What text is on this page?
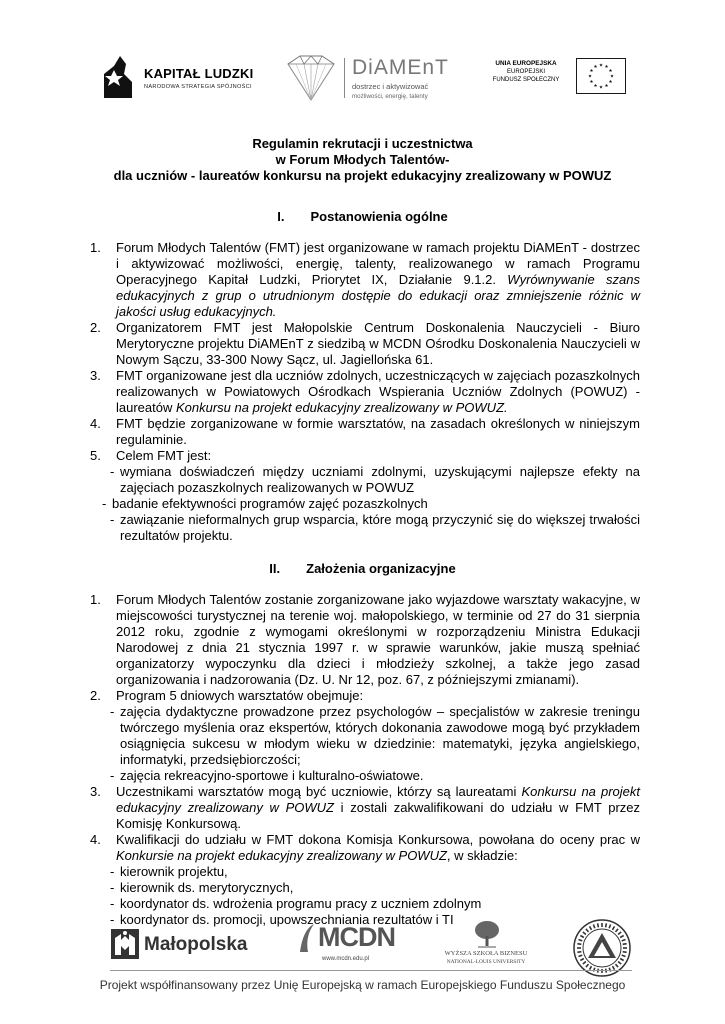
KAPITAŁ LUDZKI
NARODOWA STRATEGIA SPÓJNOŚCI
DiAMEnT
dostrzec i aktywizować
możliwości, energię, talenty
UNIA EUROPEJSKA
EUROPEJSKI
FUNDUSZ SPOŁECZNY
Regulamin rekrutacji i uczestnictwa
w Forum Młodych Talentów-
dla uczniów - laureatów konkursu na projekt edukacyjny zrealizowany w POWUZ
I. Postanowienia ogólne
1.	Forum Młodych Talentów (FMT) jest organizowane w ramach projektu DiAMEnT - dostrzec i aktywizować możliwości, energię, talenty, realizowanego w ramach Programu Operacyjnego Kapitał Ludzki, Priorytet IX, Działanie 9.1.2. Wyrównywanie szans edukacyjnych z grup o utrudnionym dostępie do edukacji oraz zmniejszenie różnic w jakości usług edukacyjnych.
2.	Organizatorem FMT jest Małopolskie Centrum Doskonalenia Nauczycieli - Biuro Merytoryczne projektu DiAMEnT z siedzibą w MCDN Ośrodku Doskonalenia Nauczycieli w Nowym Sączu, 33-300 Nowy Sącz, ul. Jagiellońska 61.
3.	FMT organizowane jest dla uczniów zdolnych, uczestniczących w zajęciach pozaszkolnych realizowanych w Powiatowych Ośrodkach Wspierania Uczniów Zdolnych (POWUZ) - laureatów Konkursu na projekt edukacyjny zrealizowany w POWUZ.
4.	FMT będzie zorganizowane w formie warsztatów, na zasadach określonych w niniejszym regulaminie.
5.	Celem FMT jest:
- wymiana doświadczeń między uczniami zdolnymi, uzyskującymi najlepsze efekty na zajęciach pozaszkolnych realizowanych w POWUZ
- badanie efektywności programów zajęć pozaszkolnych
- zawiązanie nieformalnych grup wsparcia, które mogą przyczynić się do większej trwałości rezultatów projektu.
II. Założenia organizacyjne
1.	Forum Młodych Talentów zostanie zorganizowane jako wyjazdowe warsztaty wakacyjne, w miejscowości turystycznej na terenie woj. małopolskiego, w terminie od 27 do 31 sierpnia 2012 roku, zgodnie z wymogami określonymi w rozporządzeniu Ministra Edukacji Narodowej z dnia 21 stycznia 1997 r. w sprawie warunków, jakie muszą spełniać organizatorzy wypoczynku dla dzieci i młodzieży szkolnej, a także jego zasad organizowania i nadzorowania (Dz. U. Nr 12, poz. 67, z późniejszymi zmianami).
2.	Program 5 dniowych warsztatów obejmuje:
- zajęcia dydaktyczne prowadzone przez psychologów – specjalistów w zakresie treningu twórczego myślenia oraz ekspertów, których dokonania zawodowe mogą być przykładem osiągnięcia sukcesu w młodym wieku w dziedzinie: matematyki, języka angielskiego, informatyki, przedsiębiorczości;
- zajęcia rekreacyjno-sportowe i kulturalno-oświatowe.
3.	Uczestnikami warsztatów mogą być uczniowie, którzy są laureatami Konkursu na projekt edukacyjny zrealizowany w POWUZ i zostali zakwalifikowani do udziału w FMT przez Komisję Konkursową.
4.	Kwalifikacji do udziału w FMT dokona Komisja Konkursowa, powołana do oceny prac w Konkursie na projekt edukacyjny zrealizowany w POWUZ, w składzie:
- kierownik projektu,
- kierownik ds. merytorycznych,
- koordynator ds. wdrożenia programu pracy z uczniem zdolnym
- koordynator ds. promocji, upowszechniania rezultatów i TI
Małopolska	MCDN
www.mcdn.edu.pl
WYŻSZA SZKOŁA BIZNESU
NATIONAL-LOUIS UNIVERSITY
Projekt współfinansowany przez Unię Europejską w ramach Europejskiego Funduszu Społecznego
